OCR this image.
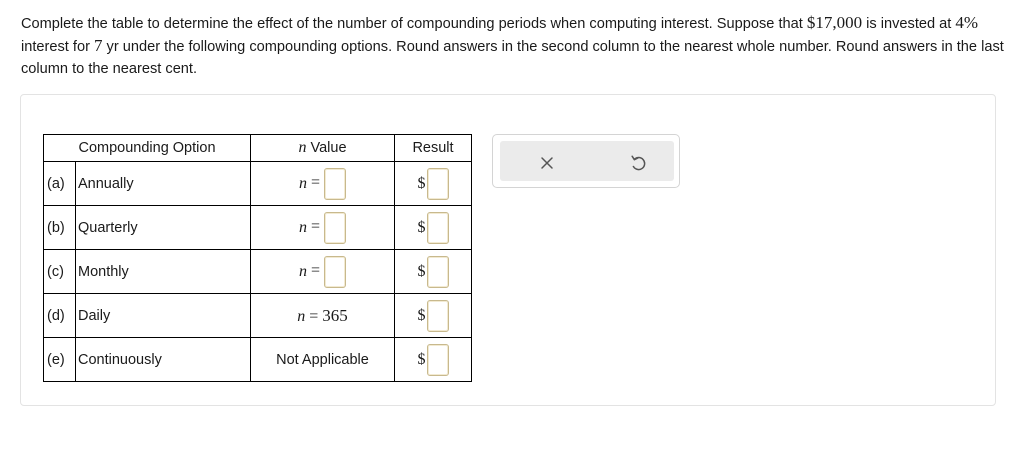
Complete the table to determine the effect of the number of compounding periods when computing interest. Suppose that $17,000 is invested at 4% interest for 7 yr under the following compounding options. Round answers in the second column to the nearest whole number. Round answers in the last column to the nearest cent.
Compounding Option		n Value	Result
(a)	Annually	n =	$
(b)	Quarterly	n =	$
(c)	Monthly	n =	$
(d)	Daily	n = 365	$
(e)	Continuously	Not Applicable	$
